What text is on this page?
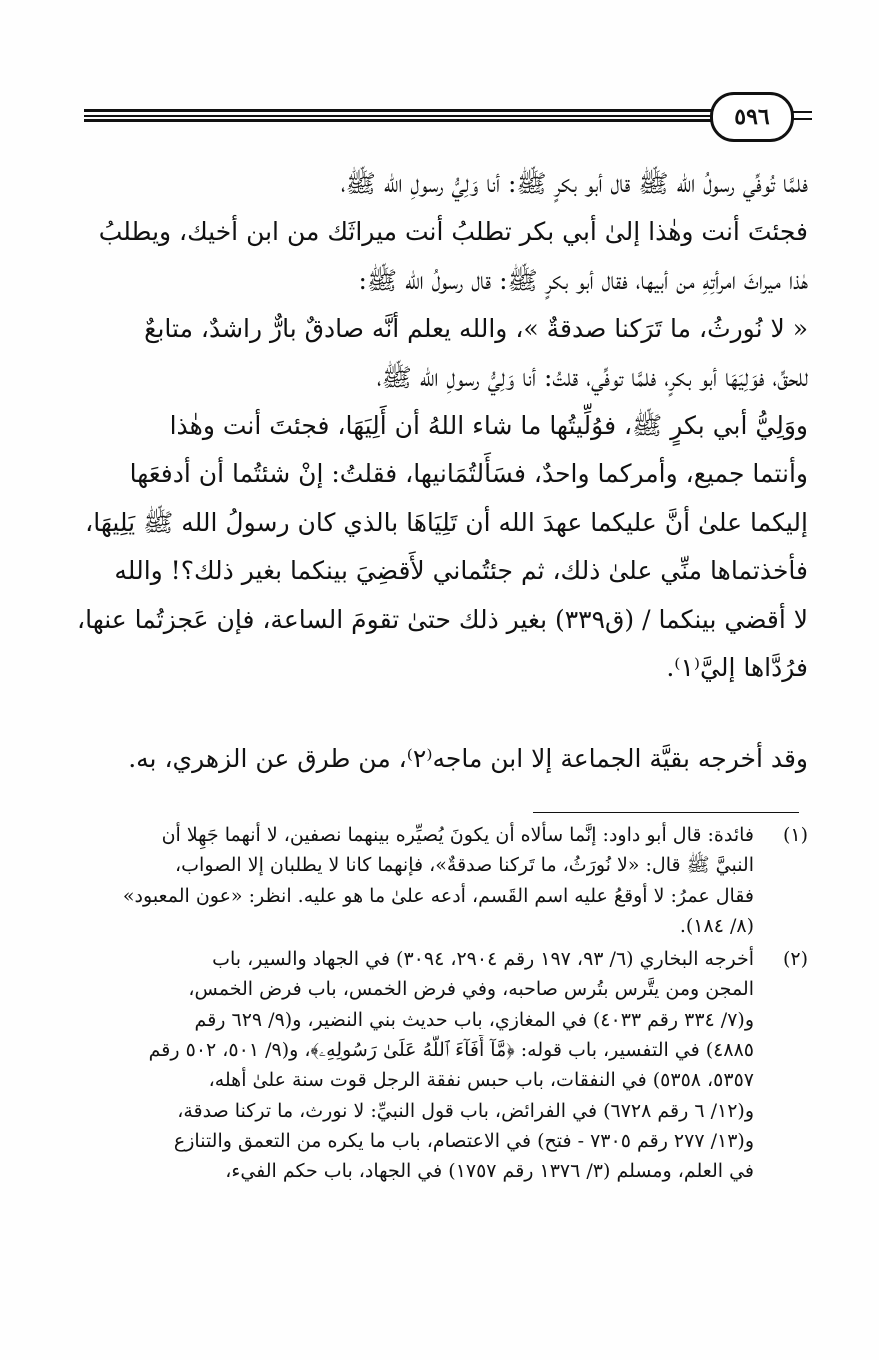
٥٩٦
فلمَّا تُوفِّي رسولُ الله ﷺ قال أبو بكرٍ ﷺ: أنا وَلِيُّ رسولِ الله ﷺ،
فجئتَ أنت وهٰذا إلىٰ أبي بكر تطلبُ أنت ميراثَك من ابن أخيك، ويطلبُ
هٰذا ميراثَ امرأتِهِ من أبيها، فقال أبو بكرٍ ﷺ: قال رسولُ الله ﷺ:
« لا نُورثُ، ما تَرَكنا صدقةٌ »، والله يعلم أنَّه صادقٌ بارٌّ راشدٌ، متابعٌ
للحقِّ، فوَلِيَهَا أبو بكرٍ، فلمَّا توفِّي، قلتُ: أنا وَلِيُّ رسولِ الله ﷺ،
ووَلِيُّ أبي بكرٍ ﷺ، فوُلِّيتُها ما شاء اللهُ أن أَلِيَهَا، فجئتَ أنت وهٰذا
وأنتما جميع، وأمركما واحدٌ، فسَأَلتُمَانيها، فقلتُ: إنْ شئتُما أن أدفعَها
إليكما علىٰ أنَّ عليكما عهدَ الله أن تَلِيَاهَا بالذي كان رسولُ الله ﷺ يَلِيهَا،
فأخذتماها منِّي علىٰ ذلك، ثم جئتُماني لأَقضِيَ بينكما بغير ذلك؟! والله
لا أقضي بينكما / (ق٣٣٩) بغير ذلك حتىٰ تقومَ الساعة، فإن عَجزتُما عنها،
فرُدَّاها إليَّ⁽١⁾.
وقد أخرجه بقيَّة الجماعة إلا ابن ماجه⁽٢⁾، من طرق عن الزهري، به.
(١)
فائدة: قال أبو داود: إنَّما سألاه أن يكونَ يُصيِّره بينهما نصفين، لا أنهما جَهِلا أن
النبيَّ ﷺ قال: «لا نُورَثُ، ما تَركنا صدقةٌ»، فإنهما كانا لا يطلبان إلا الصواب،
فقال عمرُ: لا أوقعُ عليه اسم القَسم، أدعه علىٰ ما هو عليه. انظر: «عون المعبود»
(٨/ ١٨٤).
(٢)
أخرجه البخاري (٦/ ٩٣، ١٩٧ رقم ٢٩٠٤، ٣٠٩٤) في الجهاد والسير، باب
المجن ومن يتَّرس بتُرس صاحبه، وفي فرض الخمس، باب فرض الخمس،
و(٧/ ٣٣٤ رقم ٤٠٣٣) في المغازي، باب حديث بني النضير، و(٩/ ٦٢٩ رقم
٤٨٨٥) في التفسير، باب قوله: ﴿مَّآ أَفَآءَ ٱللَّهُ عَلَىٰ رَسُولِهِۦ﴾، و(٩/ ٥٠١، ٥٠٢ رقم
٥٣٥٧، ٥٣٥٨) في النفقات، باب حبس نفقة الرجل قوت سنة علىٰ أهله،
و(١٢/ ٦ رقم ٦٧٢٨) في الفرائض، باب قول النبيِّ: لا نورث، ما تركنا صدقة،
و(١٣/ ٢٧٧ رقم ٧٣٠٥ - فتح) في الاعتصام، باب ما يكره من التعمق والتنازع
في العلم، ومسلم (٣/ ١٣٧٦ رقم ١٧٥٧) في الجهاد، باب حكم الفيء،
